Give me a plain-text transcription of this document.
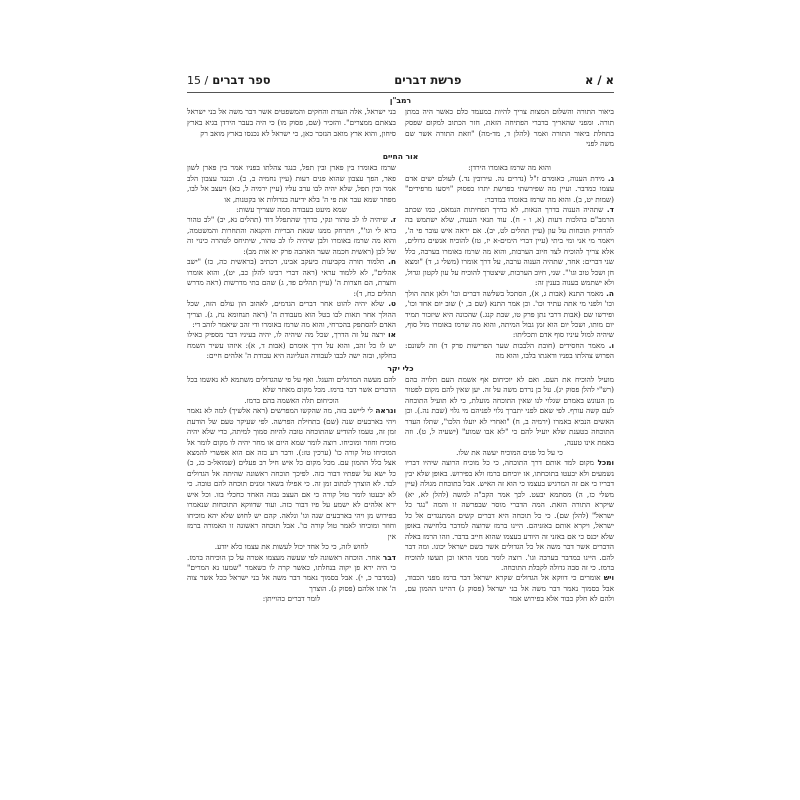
א / א
פרשת דברים
ספר דברים / 15
רמב"ן

ביאור התורה והשלום המצות צריך להיות במעמד כלם כאשר היה במתן תורה. ומפני שהאריך בדברי הפתיחה הזאת, חזר הכתוב למקום שפסק בתחלת ביאור התורה ואמר (להלן ד, מד-מה) "וזאת התורה אשר שם משה לפני

בני ישראל, אלה העדת והחקים והמשפטים אשר דבר משה אל בני ישראל בצאתם ממצרים". והזכיר (שם, פסוק מו) כי היה בעבר הירדן בגיא בארץ סיחון, והוא ארץ מואב הנזכר כאן, כי ישראל לא נכנסו בארץ מואב רק

אור החיים

והוא מה שרמז באומרו הירדן:

ג. מידת הענוה, כאומרם ז"ל (נדרים נה. עירובין נד.) לעולם ישים אדם עצמו כמדבר. ועיין מה שפירשתי בפרשת יתרו בפסוק "ויסעו מרפידים" (שמות יט, ב). והוא מה שרמז באומרו במדבר:

ד. שתהיה הענוה בדרך הנאות, לא בדרך הפחיתות הנמאס, כמו שכתב הרמב"ם בהלכות דעות (א, ו - ח). עוד תנאי הענוה, שלא ישתמש בה להרחיק תוכחות על עון (עיין תהלים לט, יב). אם יראה איש עובר פי ה', ויאמר מי אני ומי ביתי (עיין דברי הימים-א יז, טז) להוכיח אנשים גדולים, אלא צריך להוכיח לצד חיוב הערבות, והוא מה שרמז באומרו בערבה, כלל שני דברים: אחד, שתהיה הענוה ערבה, על דרך אומרו (משלי ג, ד) "ומצא חן ושכל טוב וגו'". שני, חיוב הערבות, שיצטרך להוכיח על עון לקטון וגדול, ולא ישתמש בענוה בענין זה:

ה. מאמר התנא (אבות ג, א), הסתכל בשלשה דברים וכו' ולאן אתה הולך וכו' ולפני מי אתה עתיד וכו'. וכן אמר התנא (שם ב, י) שוב יום אחד וכו', ופירשו שם (אבות דרבי נתן פרק טו, שבת קנג.) שהכונה היא שיזכור תמיד יום מותו, ושכל יום הוא זמן גבול המיתה, והוא מה שרמז באומרו מול סוף, שיהיה למול עיניו סוף אדם ותכליתו:

ו. מאמר החסידים (חובת הלבבות שער הפרישות פרק ד) וזה לשונם: הפרוש צהלתו בפניו ודאגתו בלבו, והוא מה

שרמז באומרו בין פארן ובין תפל, כנגד צהלתו בפניו אמר בין פארן לשון פאר, הפך עצבון שהוא פנים רעות (עיין נחמיה ב, ב). וכנגד עצבון הלב אמר ובין תפל, שלא יהיה לבו ערב עליו (עיין ירמיה ל, כא) ויעצב אל לבו, מפחד שמא עבר את פי ה' בלא ידיעה בגדולות או בקטנות, או

שמא מיעט בעבודה ממה שצריך עשות:

ז. שיהיה לו לב טהור ונקי, כדרך שהתפלל דוד (תהלים נא, יב) "לב טהור ברא לי וגו'", ויתרחק ממנו שנאת הבריות והקנאה והתחרות והמשטמה, והוא מה שרמז באומרו ולבן שיהיה לו לב טהור, שיתיחס לטהרה כינוי זה של לבן (ראשית חכמה שער האהבה פרק יא אות מב):

ח. תלמוד תורה בקביעות כיעקב אבינו, דכתיב (בראשית כה, כז) "ישב אהלים", לא ללמוד עראי (ראה דברי רבינו להלן כב, יט), והוא אומרו וחצרת, הם חצרות ה' (עיין תהלים פד, ג) שהם בתי מדרשות (ראה מדרש תהלים כח, ד):

ט. שלא יהיה להוט אחר דברים הגדמים, לאהוב הון עולם הזה, שכל ההולך אחר תאות לבו בטל הוא מעבודת ה' (ראה תנחומא נח, ג). וצריך האדם להסתפק בהכרחי, והוא מה שרמז באומרו ודי זהב שיאמר לזהב די:

או ירצה על זה הדרך, שכל מה שיהיה לו, יהיה בעיניו דבר מספיק כאילו יש לו כל זהב, והוא על דרך אומרם (אבות ד, א): איזהו עשיר השמח בחלקו, ובזה ישה לבבו לעבודה העליונה היא עבודת ה' אלהים חיים:

כלי יקר

מועיל להוכיח את העם. ואם לא יוכיחום אף אשמת העם תלויה בהם (רש"י להלן פסוק יג). על כן נרדם משה על זה. יען שאין להם מקום לפטור מן העונש באמרם שגלוי לנו שאין התוכחה מועלת, כי לא תועיל התוכחה לעם קשה עורף. לפי שאם לפני יתברך גלוי לפניהם מי גלוי (שבת נה.). וכן האשים הנביא באמרו (ירמיה ב, ח) "ואחרי לא יועלו הלכו", שתלו העדר התוכחה בטענת שלא יועיל להם כי "לא אבו שמוע" (ישעיה ל, ט). וזה באמת אינו טענה,

כי על כל פנים המוכיח יעשה את שלו.

ומכל מקום למד אותם דרך התוכחה, כי כל מוכיח הרוצה שיהיו דבריו נשמעים ולא יבעטו בתוכחתו, אז יוכיחם ברמז ולא בפירוש. באופן שלא יבין דבריו כי אם זה המרגיש בעצמו כי הוא זה האיש. אבל בתוכחת מגולה (עיין משלי כז, ה) מסתמא יבעט. לכך אמר הקב"ה למשה (להלן לא, יא) שיקרא התורה הזאת. המה הדברי מוסר שבפרשה זו והמה "נגד כל ישראל" (להלן שם). כי כל תוכחה היא דברים קשים המתנגדים אל כל ישראל, ויקרא אותם באזניהם. היינו ברמז שרוצה למדבר בלחישה באופן שלא יכנס כי אם באזני זה היודע בעצמו שהוא חייב בדבר. וזהו הרמז באלה הדברים אשר דבר משה אל כל הגדולים אשר בשם ישראל יכונו. ומה דבר להם. היינו במדבר בערבה וגו'. רוצה לומר ממני הראו וכן תעשו להוכיח ברמז. כי זה סבה גדולה לקבלת התוכחה.

ויש אומרים כי דווקא אל הגדולים שקרא ישראל דבר ברמז מפני הכבוד, אבל בסמוך נאמר דבר משה אל בני ישראל (פסוק ג) דהיינו ההמון עם, ולהם לא חלק כבוד אלא בפירוש אמר

להם מעשה המרגלים והעגל. ואף על פי שהגדולים משתמא לא נאשמו בכל הדברים אשר דבר ברמז. מכל מקום מאחר שלא

הוכיחום תלה האשמה בהם ברמז.

ונראה לי ליישב בזה, מה שהקשו המפרשים (ראה אלשיך) למה לא נאמר ויהי בארבעים שנה (שם) בתחילת הפרשה. לפי שעיקר טעם של הודעת זמן זה, טעמו להודיע שהתוכחה טובה להיות סמוך למיתה, כדי שלא יהיה מוכיח וחוזר ומוכיחו. רוצה לומר שמא היום או מחר יהיה לו מקום לומר אל המוכיחו טול קורה כו' (ערכין טז:). ודבר רע כזה אם הוא אפשרי להמצא אצל כלל ההמון עם. מכל מקום כל איש חיל רב פעלים (שמואל-ב כג, כ) כל ישא על שפתיו דבור כזה. לפיכך תוכחה ראשונה שהיתה אל הגדולים לבד. לא הוצרך לכתוב זמן זה. כי אפילו בשאר ומנים תוכחה להם טובה. כי לא יבעטו לומר טול קורה כי אם העצב נבזה האחד כחכלי בזו. וכל איש ירא אלהים לא ישמע על פיו דבור כזה. ועוד שדווקא התוכחות שנאמרו בפירוש מן ויהי בארבעים שנה וגו' ונלאה. קהם יש לחוש שלא יהא מוכיחו וחוזר ומוכיחו לאמר טול קורה כו'. אבל תוכחה ראשונה זו האמורה ברמז אין

לחוש לזה, כי כל אחד יכול לעשות את עצמו כלא יודע.

דבר אחר. הוכחה ראשונה לפי שעשה מעצמו אטרה על כן הוכיחה ברמז. כי היה ירא פן יקוה בנחלתו, כאשר קרה לו כשאמר "שמעו נא המרים" (במדבר כ, י). אבל בסמוך נאמר דבר משה אל בני ישראל ככל אשר צוה ה' אתו אלהם (פסוק ג). הוצרך

לומר דברים כהוייתן:
